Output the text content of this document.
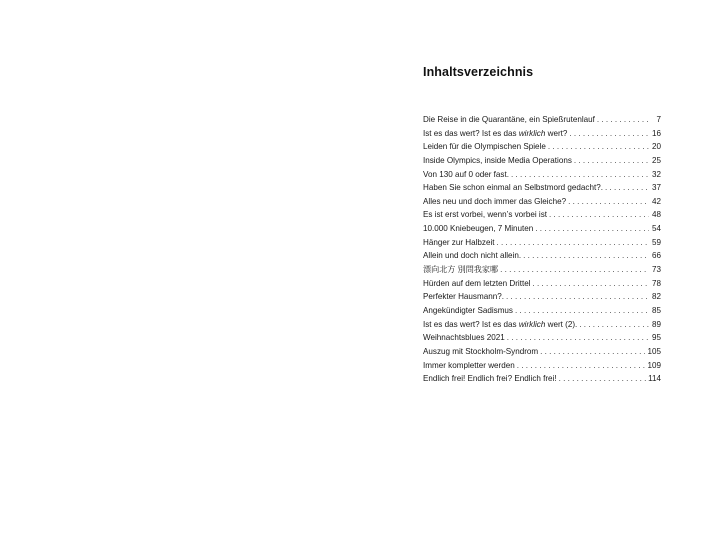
Inhaltsverzeichnis
Die Reise in die Quarantäne, ein Spießrutenlauf . . .	7
Ist es das wert? Ist es das wirklich wert? . . .	16
Leiden für die Olympischen Spiele . . .	20
Inside Olympics, inside Media Operations . . .	25
Von 130 auf 0 oder fast. . . .	32
Haben Sie schon einmal an Selbstmord gedacht?. . . .	37
Alles neu und doch immer das Gleiche? . . .	42
Es ist erst vorbei, wenn’s vorbei ist . . .	48
10.000 Kniebeugen, 7 Minuten . . .	54
Hänger zur Halbzeit . . .	59
Allein und doch nicht allein. . . .	66
漂向北方 別問我家哪 . . .	73
Hürden auf dem letzten Drittel . . .	78
Perfekter Hausmann?. . . .	82
Angekündigter Sadismus . . .	85
Ist es das wert? Ist es das wirklich wert (2). . . .	89
Weihnachtsblues 2021 . . .	95
Auszug mit Stockholm-Syndrom . . .	105
Immer kompletter werden . . .	109
Endlich frei! Endlich frei? Endlich frei! . . .	114
